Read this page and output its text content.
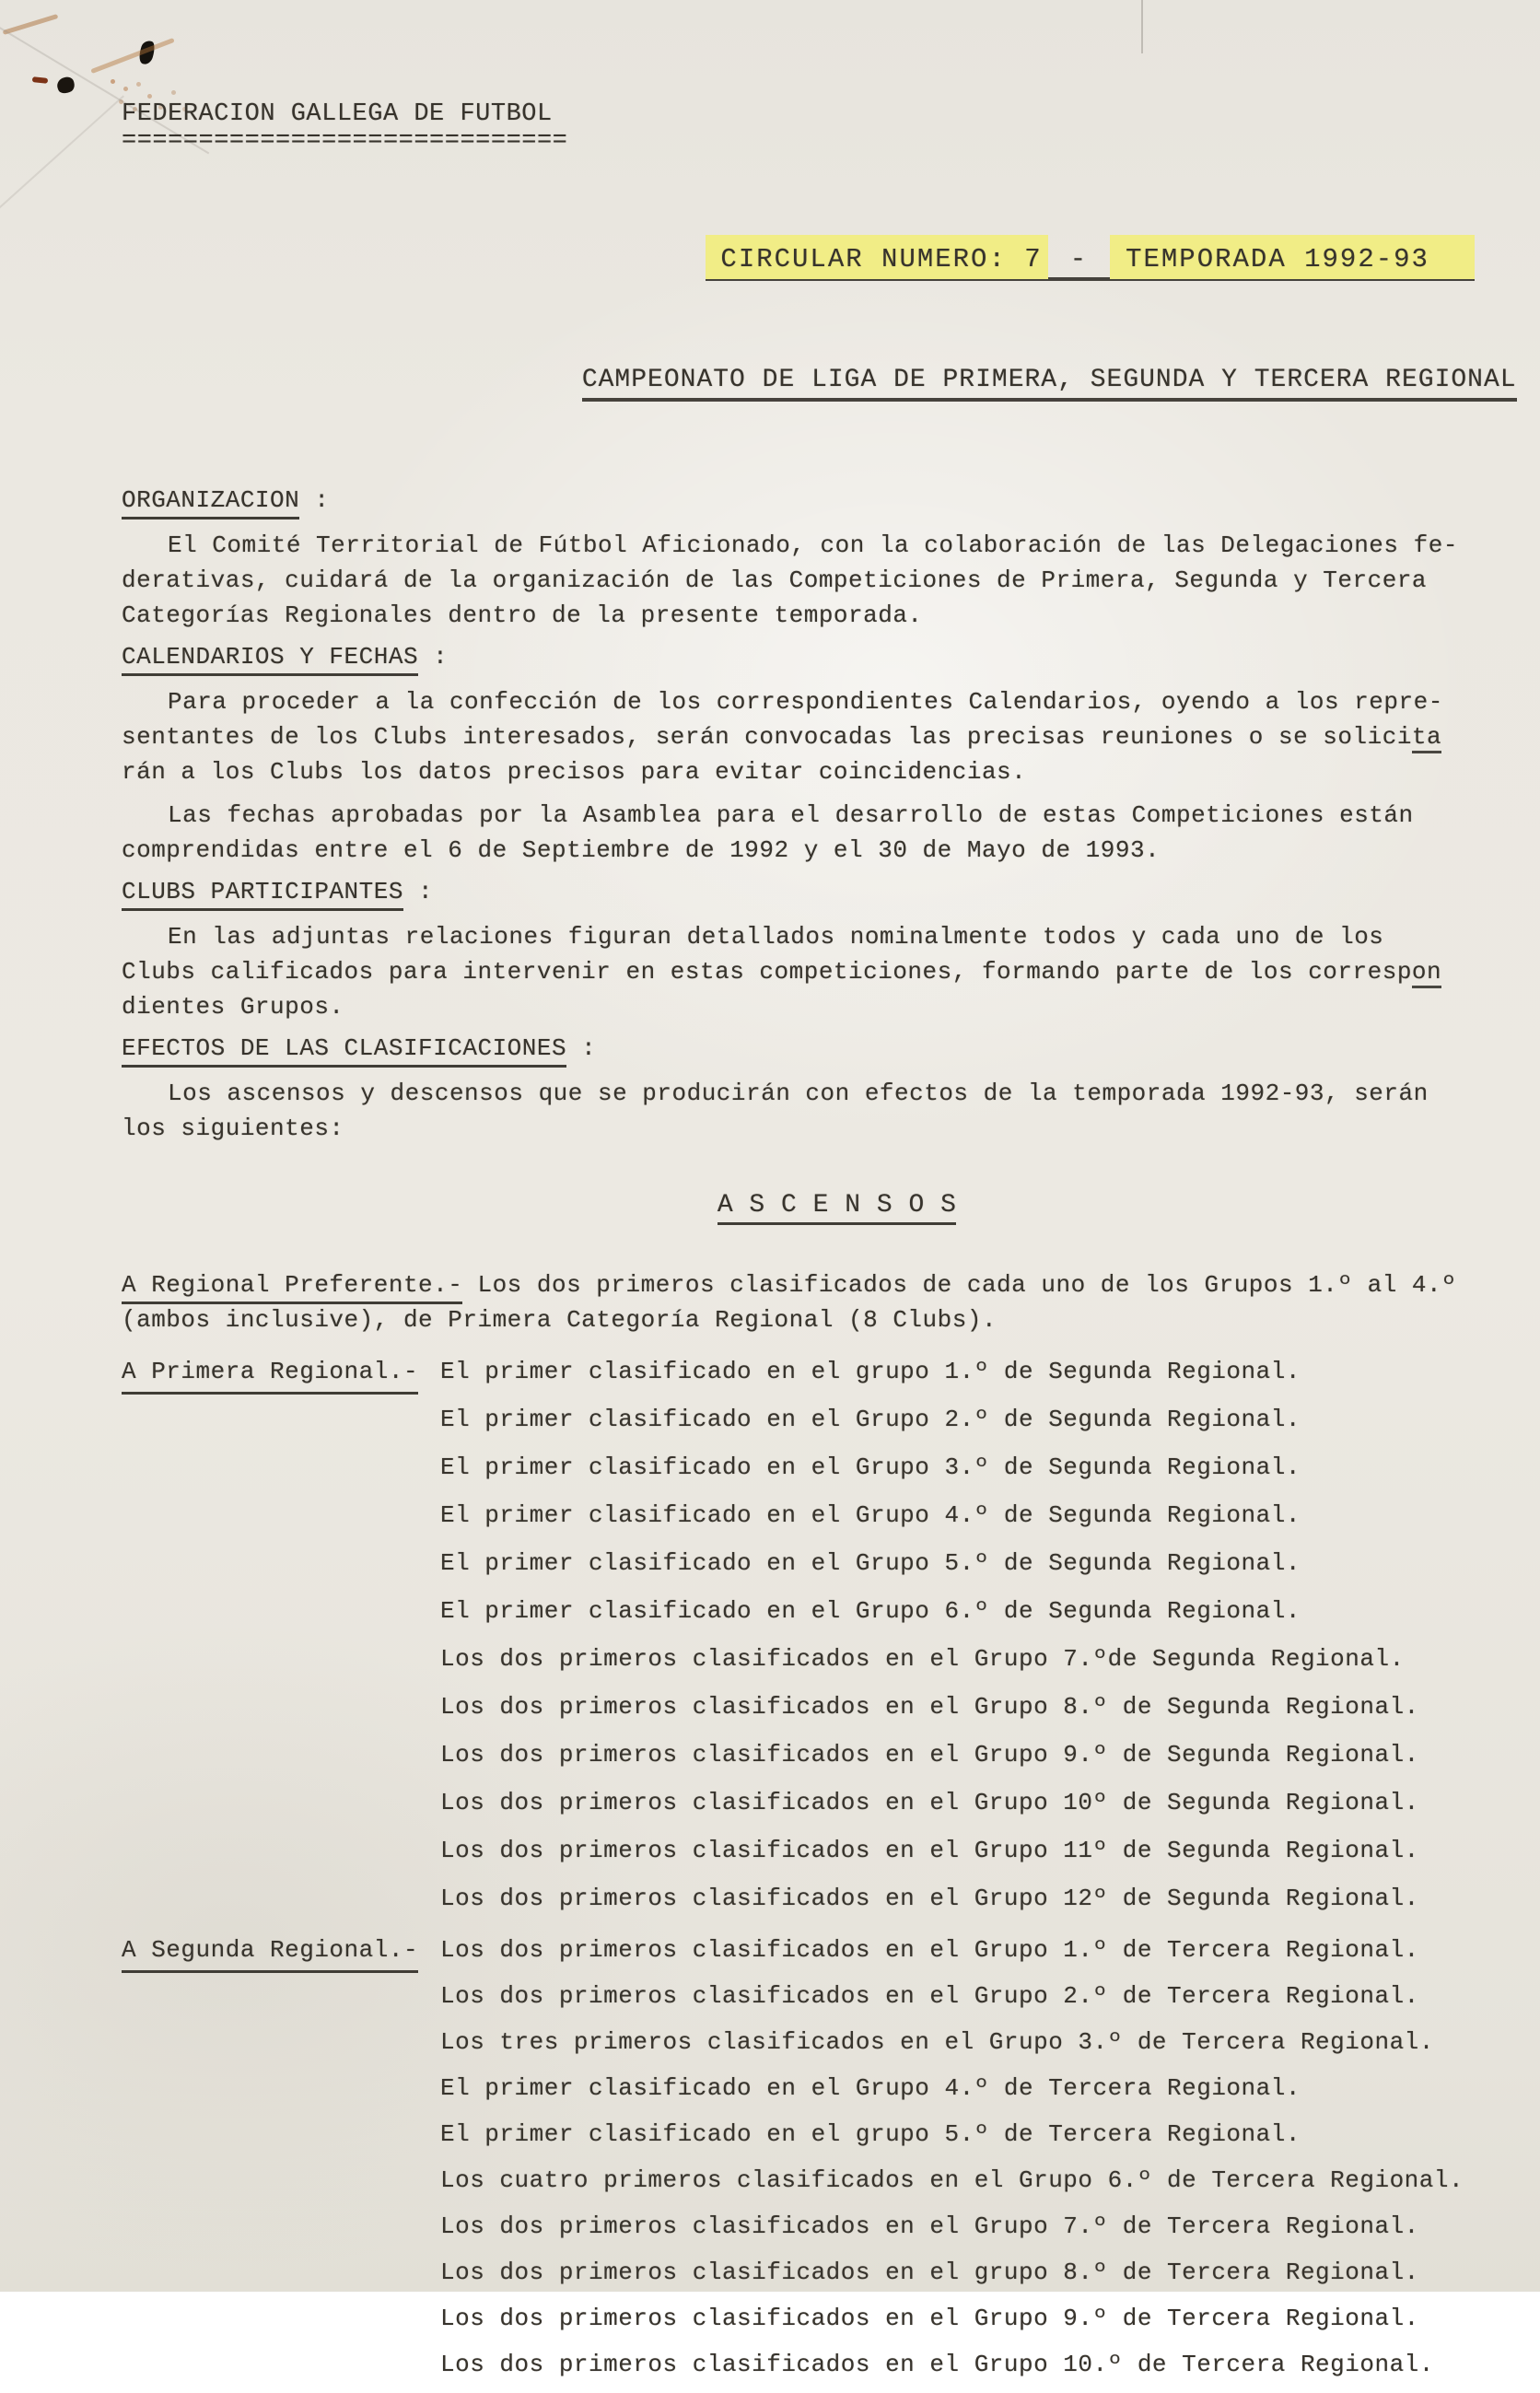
FEDERACION GALLEGA DE FUTBOL
=============================

CIRCULAR NUMERO: 7 - TEMPORADA 1992-93

CAMPEONATO DE LIGA DE PRIMERA, SEGUNDA Y TERCERA REGIONAL

ORGANIZACION :
El Comité Territorial de Fútbol Aficionado, con la colaboración de las Delegaciones fe-
derativas, cuidará de la organización de las Competiciones de Primera, Segunda y Tercera
Categorías Regionales dentro de la presente temporada.
CALENDARIOS Y FECHAS :
Para proceder a la confección de los correspondientes Calendarios, oyendo a los repre-
sentantes de los Clubs interesados, serán convocadas las precisas reuniones o se solicita
rán a los Clubs los datos precisos para evitar coincidencias.
Las fechas aprobadas por la Asamblea para el desarrollo de estas Competiciones están
comprendidas entre el 6 de Septiembre de 1992 y el 30 de Mayo de 1993.
CLUBS PARTICIPANTES :
En las adjuntas relaciones figuran detallados nominalmente todos y cada uno de los
Clubs calificados para intervenir en estas competiciones, formando parte de los correspon
dientes Grupos.
EFECTOS DE LAS CLASIFICACIONES :
Los ascensos y descensos que se producirán con efectos de la temporada 1992-93, serán
los siguientes:

A S C E N S O S

A Regional Preferente.- Los dos primeros clasificados de cada uno de los Grupos 1.º al 4.º
(ambos inclusive), de Primera Categoría Regional (8 Clubs).
A Primera Regional.- El primer clasificado en el grupo 1.º de Segunda Regional.
El primer clasificado en el Grupo 2.º de Segunda Regional.
El primer clasificado en el Grupo 3.º de Segunda Regional.
El primer clasificado en el Grupo 4.º de Segunda Regional.
El primer clasificado en el Grupo 5.º de Segunda Regional.
El primer clasificado en el Grupo 6.º de Segunda Regional.
Los dos primeros clasificados en el Grupo 7.ºde Segunda Regional.
Los dos primeros clasificados en el Grupo 8.º de Segunda Regional.
Los dos primeros clasificados en el Grupo 9.º de Segunda Regional.
Los dos primeros clasificados en el Grupo 10º de Segunda Regional.
Los dos primeros clasificados en el Grupo 11º de Segunda Regional.
Los dos primeros clasificados en el Grupo 12º de Segunda Regional.
A Segunda Regional.- Los dos primeros clasificados en el Grupo 1.º de Tercera Regional.
Los dos primeros clasificados en el Grupo 2.º de Tercera Regional.
Los tres primeros clasificados en el Grupo 3.º de Tercera Regional.
El primer clasificado en el Grupo 4.º de Tercera Regional.
El primer clasificado en el grupo 5.º de Tercera Regional.
Los cuatro primeros clasificados en el Grupo 6.º de Tercera Regional.
Los dos primeros clasificados en el Grupo 7.º de Tercera Regional.
Los dos primeros clasificados en el grupo 8.º de Tercera Regional.
Los dos primeros clasificados en el Grupo 9.º de Tercera Regional.
Los dos primeros clasificados en el Grupo 10.º de Tercera Regional.
